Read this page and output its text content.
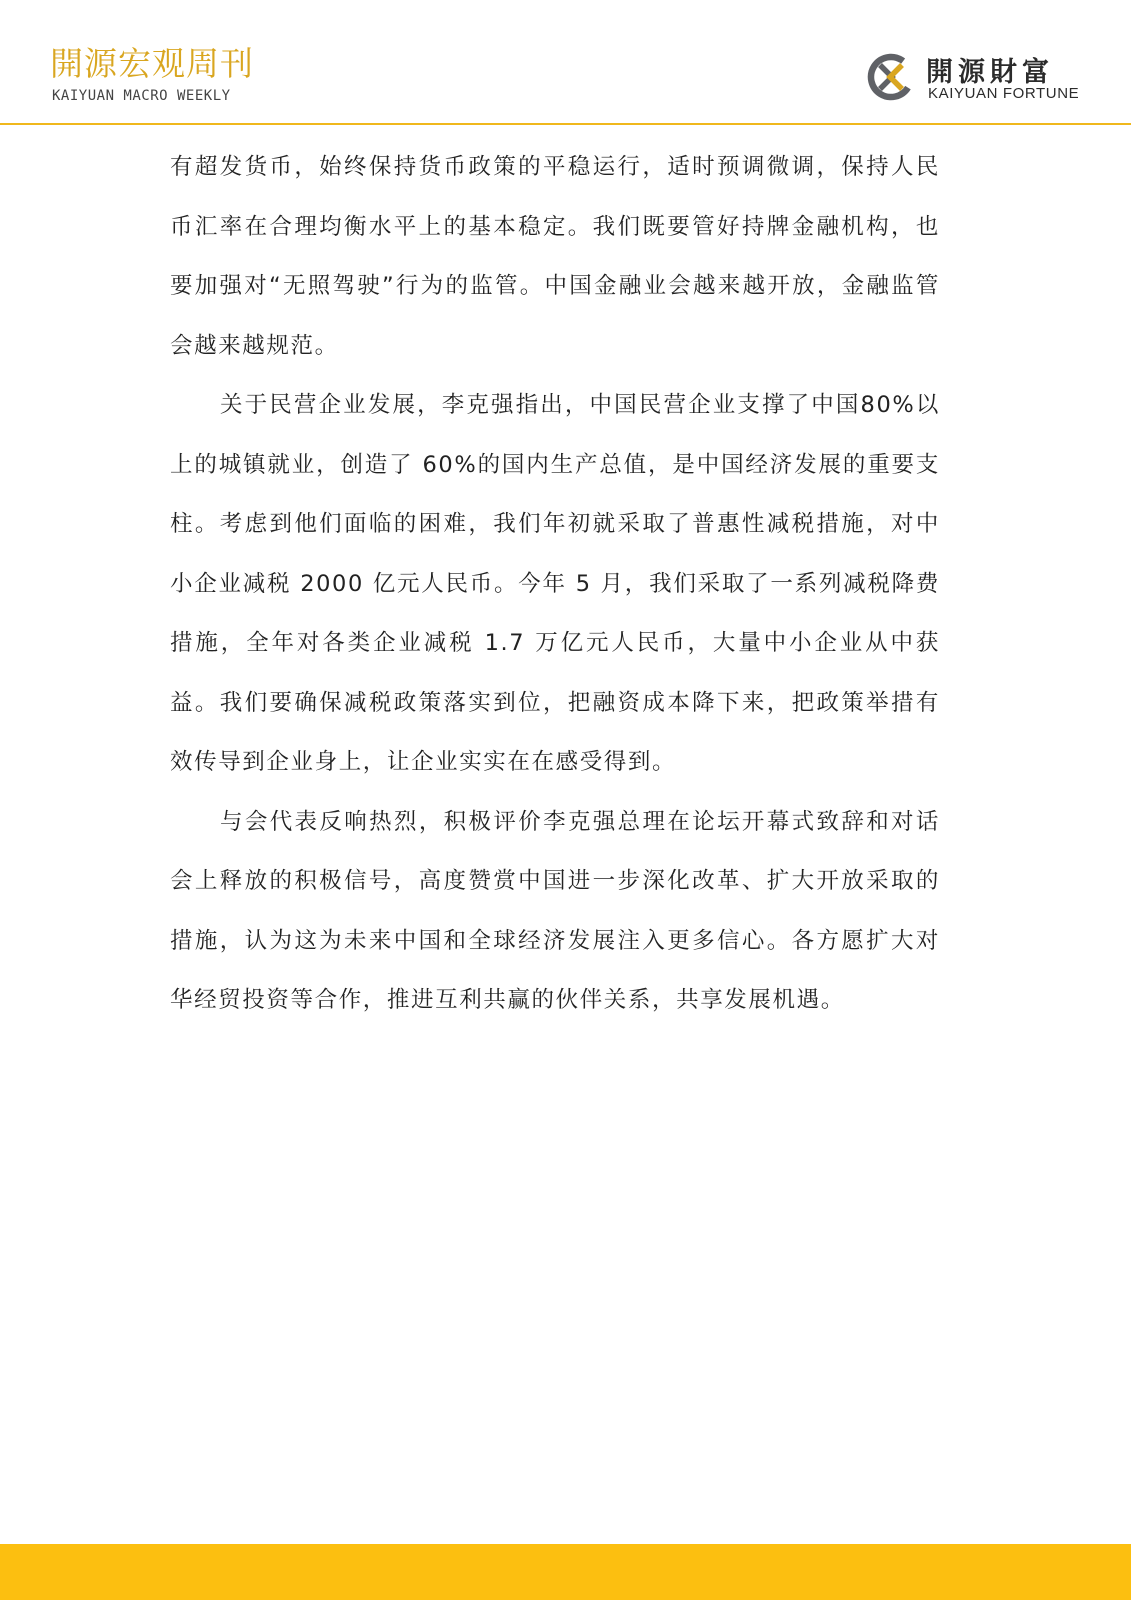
開源宏观周刊
KAIYUAN MACRO WEEKLY
開源財富
KAIYUAN FORTUNE

有超发货币，始终保持货币政策的平稳运行，适时预调微调，保持人民币汇率在合理均衡水平上的基本稳定。我们既要管好持牌金融机构，也要加强对“无照驾驶”行为的监管。中国金融业会越来越开放，金融监管会越来越规范。

关于民营企业发展，李克强指出，中国民营企业支撑了中国80%以上的城镇就业，创造了 60%的国内生产总值，是中国经济发展的重要支柱。考虑到他们面临的困难，我们年初就采取了普惠性减税措施，对中小企业减税 2000 亿元人民币。今年 5 月，我们采取了一系列减税降费措施，全年对各类企业减税 1.7 万亿元人民币，大量中小企业从中获益。我们要确保减税政策落实到位，把融资成本降下来，把政策举措有效传导到企业身上，让企业实实在在感受得到。

与会代表反响热烈，积极评价李克强总理在论坛开幕式致辞和对话会上释放的积极信号，高度赞赏中国进一步深化改革、扩大开放采取的措施，认为这为未来中国和全球经济发展注入更多信心。各方愿扩大对华经贸投资等合作，推进互利共赢的伙伴关系，共享发展机遇。
